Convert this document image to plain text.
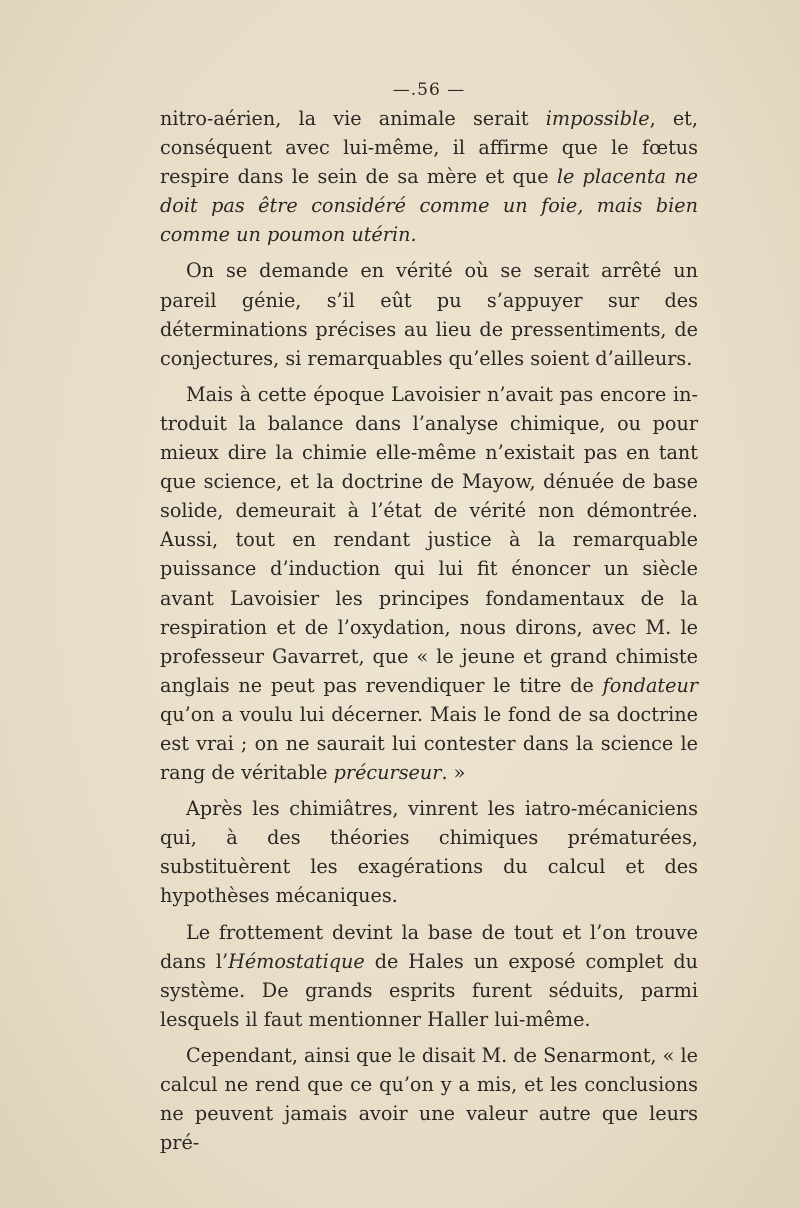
—.56 —

nitro-aérien, la vie animale serait impossible, et, conséquent avec lui-même, il affirme que le fœtus respire dans le sein de sa mère et que le placenta ne doit pas être considéré comme un foie, mais bien comme un poumon utérin.

On se demande en vérité où se serait arrêté un pareil génie, s’il eût pu s’appuyer sur des déterminations précises au lieu de pressentiments, de conjectures, si remarquables qu’elles soient d’ailleurs.

Mais à cette époque Lavoisier n’avait pas encore introduit la balance dans l’analyse chimique, ou pour mieux dire la chimie elle-même n’existait pas en tant que science, et la doctrine de Mayow, dénuée de base solide, demeurait à l’état de vérité non démontrée. Aussi, tout en rendant justice à la remarquable puissance d’induction qui lui fit énoncer un siècle avant Lavoisier les principes fondamentaux de la respiration et de l’oxydation, nous dirons, avec M. le professeur Gavarret, que « le jeune et grand chimiste anglais ne peut pas revendiquer le titre de fondateur qu’on a voulu lui décerner. Mais le fond de sa doctrine est vrai ; on ne saurait lui contester dans la science le rang de véritable précurseur. »

Après les chimiâtres, vinrent les iatro-mécaniciens qui, à des théories chimiques prématurées, substituèrent les exagérations du calcul et des hypothèses mécaniques.

Le frottement devint la base de tout et l’on trouve dans l’Hémostatique de Hales un exposé complet du système. De grands esprits furent séduits, parmi lesquels il faut mentionner Haller lui-même.

Cependant, ainsi que le disait M. de Senarmont, « le calcul ne rend que ce qu’on y a mis, et les conclusions ne peuvent jamais avoir une valeur autre que leurs pré-
